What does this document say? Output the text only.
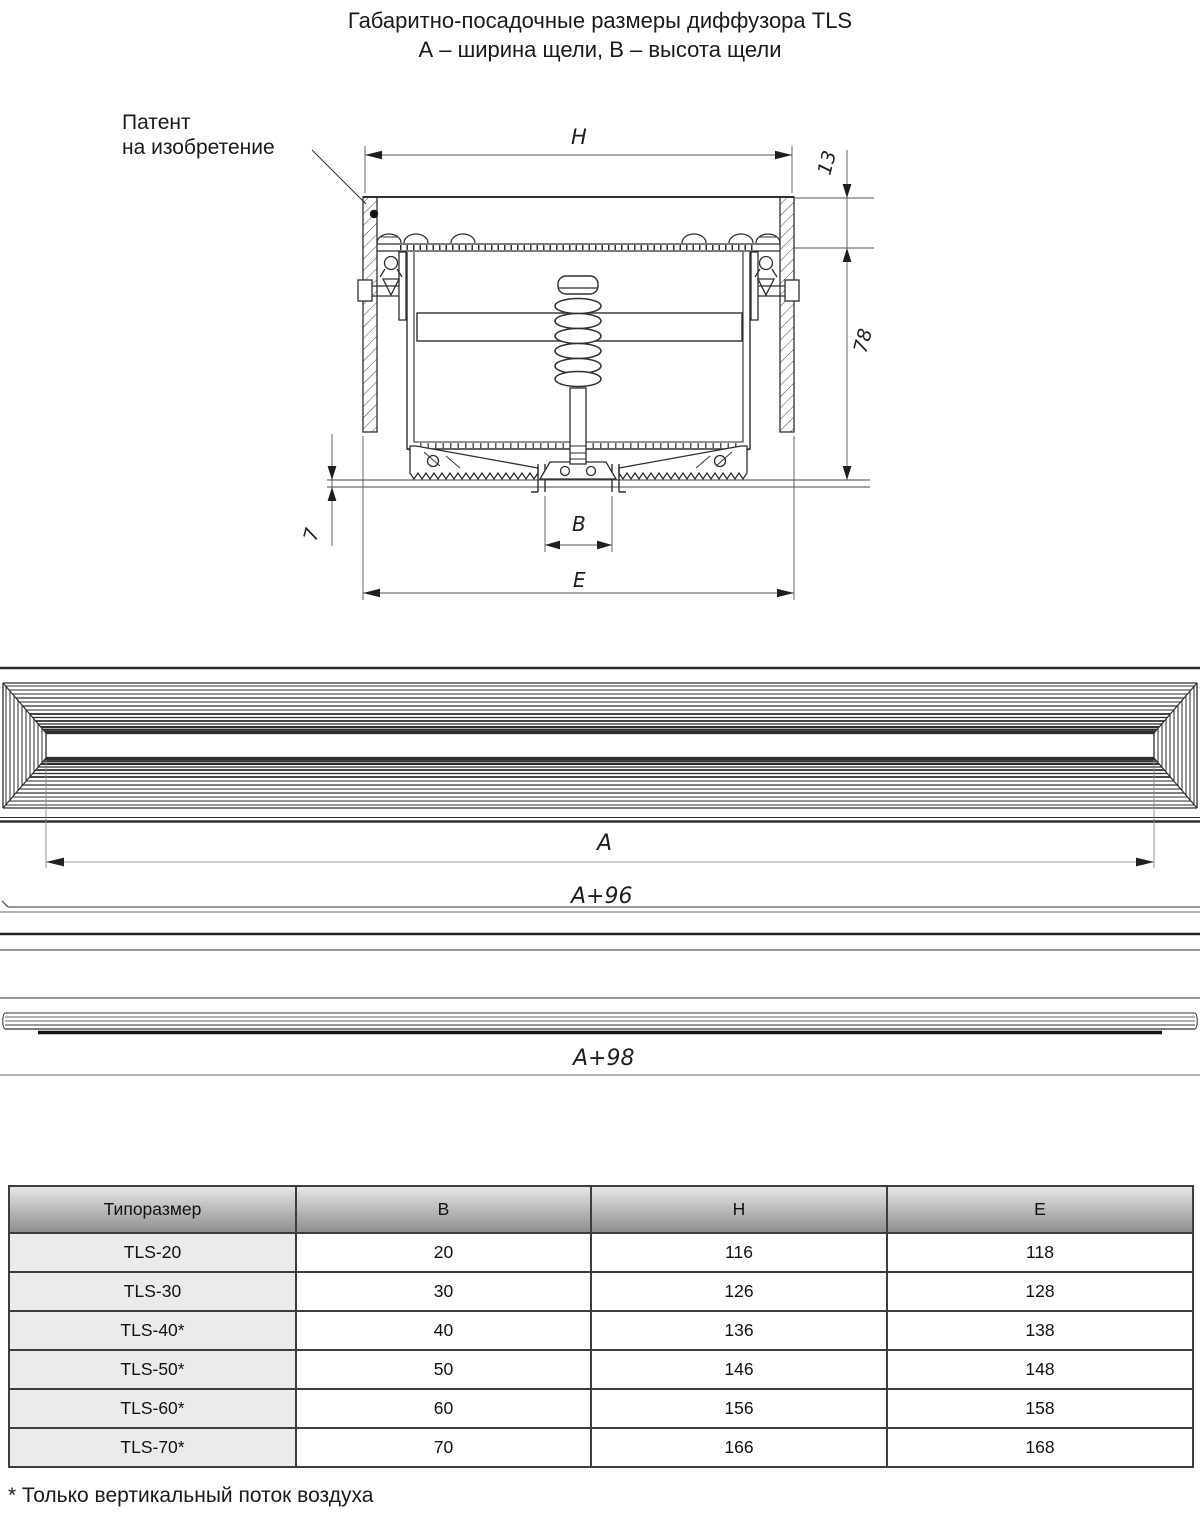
Габаритно-посадочные размеры диффузора TLS
А – ширина щели, В – высота щели
Патент
на изобретение	H
13
78
7	B
E
A
A+96
A+98
Типоразмер	В	Н	Е
TLS-20	20	116	118
TLS-30	30	126	128
TLS-40*	40	136	138
TLS-50*	50	146	148
TLS-60*	60	156	158
TLS-70*	70	166	168
* Только вертикальный поток воздуха
